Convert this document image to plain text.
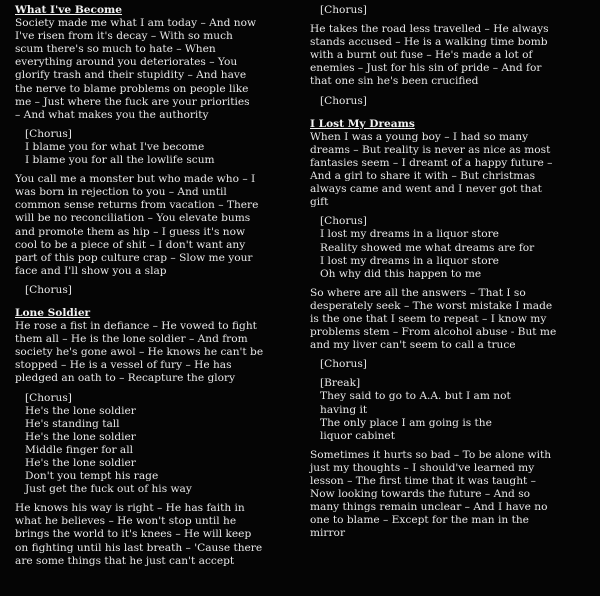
What I've Become

Society made me what I am today – And now
I've risen from it's decay – With so much
scum there's so much to hate – When
everything around you deteriorates – You
glorify trash and their stupidity – And have
the nerve to blame problems on people like
me – Just where the fuck are your priorities
– And what makes you the authority

[Chorus]

I blame you for what I've become
I blame you for all the lowlife scum

You call me a monster but who made who – I
was born in rejection to you – And until
common sense returns from vacation – There
will be no reconciliation – You elevate bums
and promote them as hip – I guess it's now
cool to be a piece of shit – I don't want any
part of this pop culture crap – Slow me your
face and I'll show you a slap

[Chorus]

Lone Soldier

He rose a fist in defiance – He vowed to fight
them all – He is the lone soldier – And from
society he's gone awol – He knows he can't be
stopped – He is a vessel of fury – He has
pledged an oath to – Recapture the glory

[Chorus]

He's the lone soldier
He's standing tall
He's the lone soldier
Middle finger for all
He's the lone soldier
Don't you tempt his rage
Just get the fuck out of his way

He knows his way is right – He has faith in
what he believes – He won't stop until he
brings the world to it's knees – He will keep
on fighting until his last breath – 'Cause there
are some things that he just can't accept

[Chorus]

He takes the road less travelled – He always
stands accused – He is a walking time bomb
with a burnt out fuse – He's made a lot of
enemies – Just for his sin of pride – And for
that one sin he's been crucified

[Chorus]

I Lost My Dreams

When I was a young boy – I had so many
dreams – But reality is never as nice as most
fantasies seem – I dreamt of a happy future –
And a girl to share it with – But christmas
always came and went and I never got that
gift

[Chorus]

I lost my dreams in a liquor store
Reality showed me what dreams are for
I lost my dreams in a liquor store
Oh why did this happen to me

So where are all the answers – That I so
desperately seek – The worst mistake I made
is the one that I seem to repeat – I know my
problems stem – From alcohol abuse - But me
and my liver can't seem to call a truce

[Chorus]

[Break]

They said to go to A.A. but I am not
having it
The only place I am going is the
liquor cabinet

Sometimes it hurts so bad – To be alone with
just my thoughts – I should've learned my
lesson – The first time that it was taught –
Now looking towards the future – And so
many things remain unclear – And I have no
one to blame – Except for the man in the
mirror
